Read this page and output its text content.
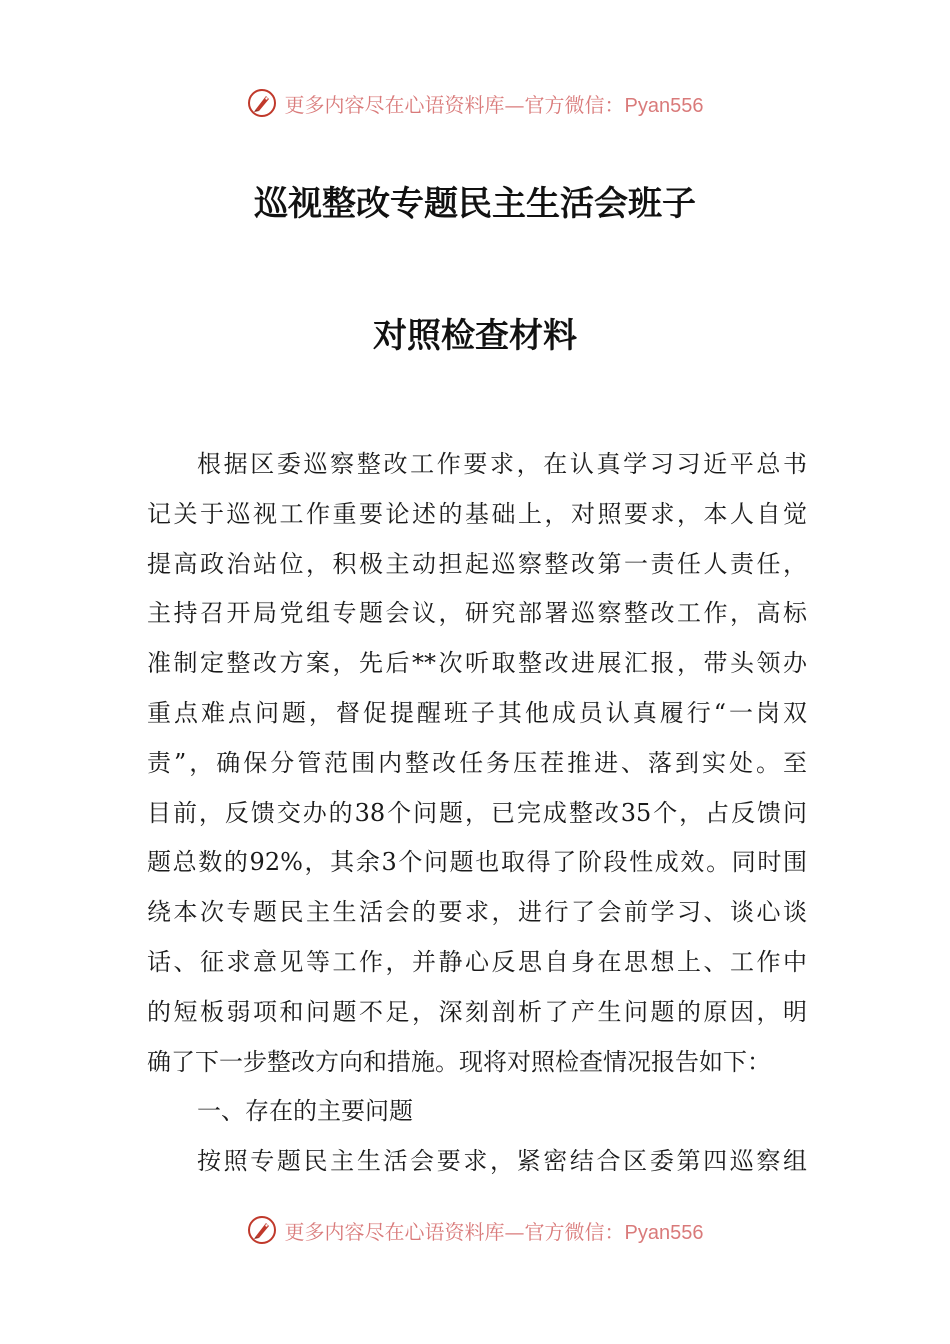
更多内容尽在心语资料库—官方微信：Pyan556
巡视整改专题民主生活会班子
对照检查材料
根据区委巡察整改工作要求，在认真学习习近平总书
记关于巡视工作重要论述的基础上，对照要求，本人自觉
提高政治站位，积极主动担起巡察整改第一责任人责任，
主持召开局党组专题会议，研究部署巡察整改工作，高标
准制定整改方案，先后**次听取整改进展汇报，带头领办
重点难点问题，督促提醒班子其他成员认真履行“一岗双
责”，确保分管范围内整改任务压茬推进、落到实处。至
目前，反馈交办的38个问题，已完成整改35个，占反馈问
题总数的92%，其余3个问题也取得了阶段性成效。同时围
绕本次专题民主生活会的要求，进行了会前学习、谈心谈
话、征求意见等工作，并静心反思自身在思想上、工作中
的短板弱项和问题不足，深刻剖析了产生问题的原因，明
确了下一步整改方向和措施。现将对照检查情况报告如下：
一、存在的主要问题
按照专题民主生活会要求，紧密结合区委第四巡察组
更多内容尽在心语资料库—官方微信：Pyan556
